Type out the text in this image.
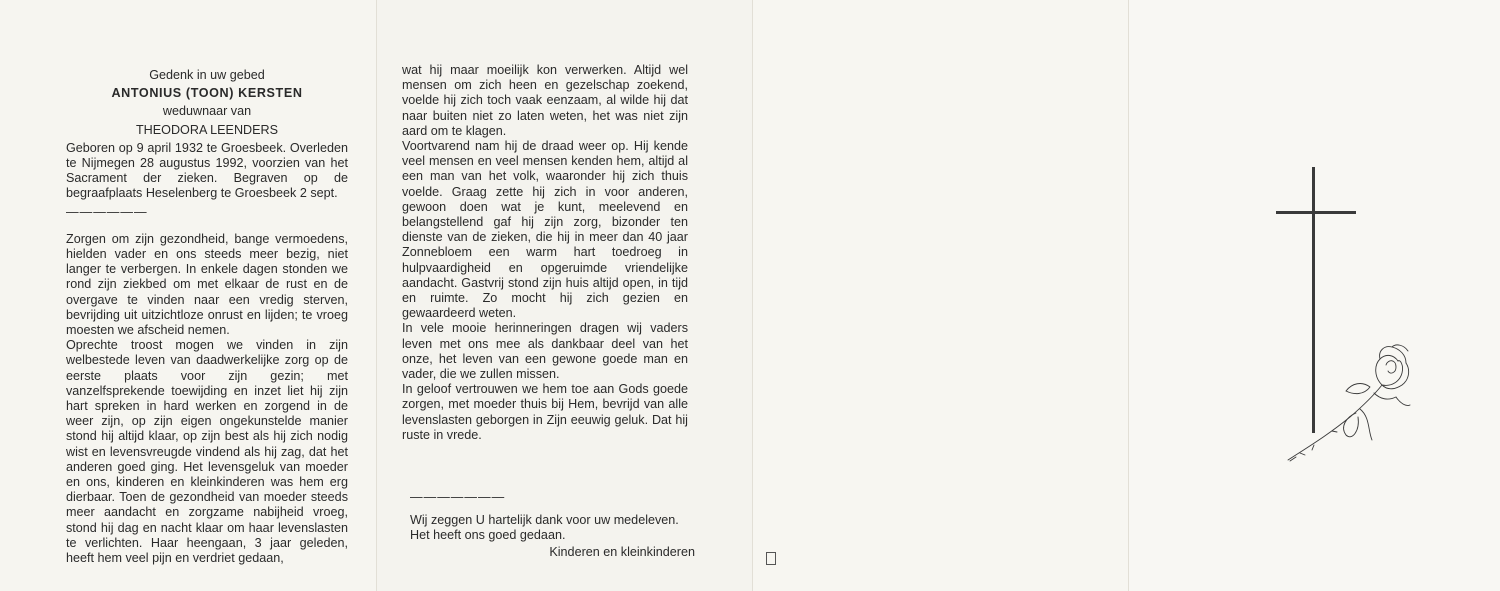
Gedenk in uw gebed

ANTONIUS (TOON) KERSTEN

weduwnaar van

THEODORA LEENDERS

Geboren op 9 april 1932 te Groesbeek. Overleden te Nijmegen 28 augustus 1992, voorzien van het Sacrament der zieken. Begraven op de begraafplaats Heselenberg te Groesbeek 2 sept.

——————

Zorgen om zijn gezondheid, bange vermoedens, hielden vader en ons steeds meer bezig, niet langer te verbergen. In enkele dagen stonden we rond zijn ziekbed om met elkaar de rust en de overgave te vinden naar een vredig sterven, bevrijding uit uitzichtloze onrust en lijden; te vroeg moesten we afscheid nemen.

Oprechte troost mogen we vinden in zijn welbestede leven van daadwerkelijke zorg op de eerste plaats voor zijn gezin; met vanzelfsprekende toewijding en inzet liet hij zijn hart spreken in hard werken en zorgend in de weer zijn, op zijn eigen ongekunstelde manier stond hij altijd klaar, op zijn best als hij zich nodig wist en levensvreugde vindend als hij zag, dat het anderen goed ging. Het levensgeluk van moeder en ons, kinderen en kleinkinderen was hem erg dierbaar. Toen de gezondheid van moeder steeds meer aandacht en zorgzame nabijheid vroeg, stond hij dag en nacht klaar om haar levenslasten te verlichten. Haar heengaan, 3 jaar geleden, heeft hem veel pijn en verdriet gedaan,

wat hij maar moeilijk kon verwerken. Altijd wel mensen om zich heen en gezelschap zoekend, voelde hij zich toch vaak eenzaam, al wilde hij dat naar buiten niet zo laten weten, het was niet zijn aard om te klagen.

Voortvarend nam hij de draad weer op. Hij kende veel mensen en veel mensen kenden hem, altijd al een man van het volk, waaronder hij zich thuis voelde. Graag zette hij zich in voor anderen, gewoon doen wat je kunt, meelevend en belangstellend gaf hij zijn zorg, bizonder ten dienste van de zieken, die hij in meer dan 40 jaar Zonnebloem een warm hart toedroeg in hulpvaardigheid en opgeruimde vriendelijke aandacht. Gastvrij stond zijn huis altijd open, in tijd en ruimte. Zo mocht hij zich gezien en gewaardeerd weten.

In vele mooie herinneringen dragen wij vaders leven met ons mee als dankbaar deel van het onze, het leven van een gewone goede man en vader, die we zullen missen.

In geloof vertrouwen we hem toe aan Gods goede zorgen, met moeder thuis bij Hem, bevrijd van alle levenslasten geborgen in Zijn eeuwig geluk. Dat hij ruste in vrede.

———————

Wij zeggen U hartelijk dank voor uw medeleven.

Het heeft ons goed gedaan.

Kinderen en kleinkinderen
